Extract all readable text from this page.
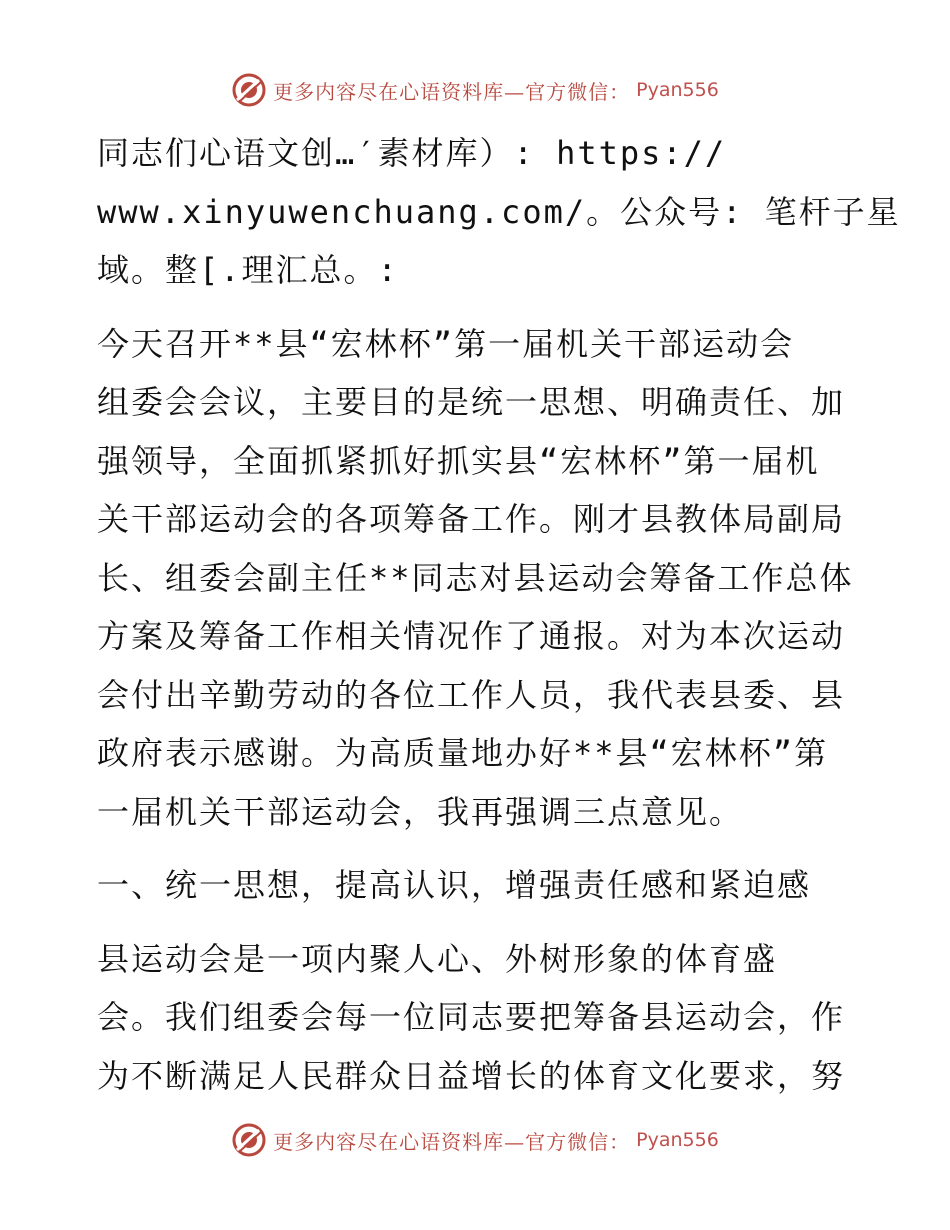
更多内容尽在心语资料库—官方微信： Pyan556
同志们心语文创…′素材库）: https://
www.xinyuwenchuang.com/。公众号: 笔杆子星
域。整[.理汇总。:
今天召开**县“宏林杯”第一届机关干部运动会
组委会会议，主要目的是统一思想、明确责任、加
强领导，全面抓紧抓好抓实县“宏林杯”第一届机
关干部运动会的各项筹备工作。刚才县教体局副局
长、组委会副主任**同志对县运动会筹备工作总体
方案及筹备工作相关情况作了通报。对为本次运动
会付出辛勤劳动的各位工作人员，我代表县委、县
政府表示感谢。为高质量地办好**县“宏林杯”第
一届机关干部运动会，我再强调三点意见。
一、统一思想，提高认识，增强责任感和紧迫感
县运动会是一项内聚人心、外树形象的体育盛
会。我们组委会每一位同志要把筹备县运动会，作
为不断满足人民群众日益增长的体育文化要求，努
更多内容尽在心语资料库—官方微信： Pyan556
